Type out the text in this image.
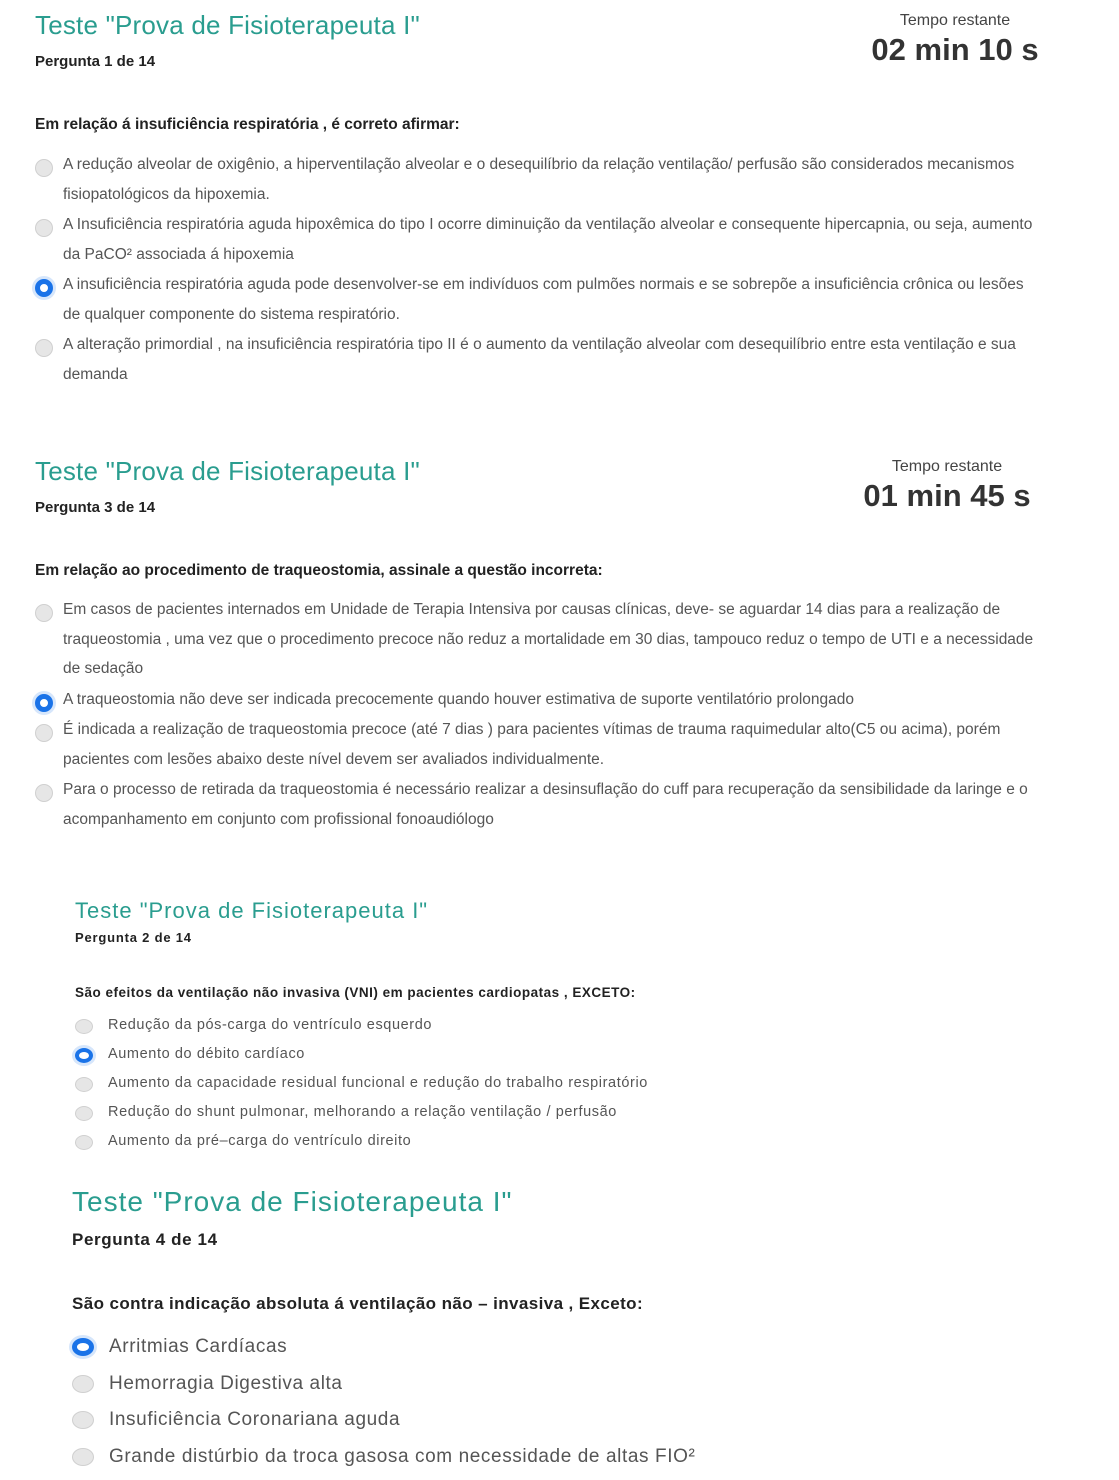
Teste "Prova de Fisioterapeuta I"
Pergunta 1 de 14
Tempo restante
02 min 10 s
Em relação á insuficiência respiratória , é correto afirmar:
A redução alveolar de oxigênio, a hiperventilação alveolar e o desequilíbrio da relação ventilação/ perfusão são considerados mecanismos fisiopatológicos da hipoxemia.
A Insuficiência respiratória aguda hipoxêmica do tipo I ocorre diminuição da ventilação alveolar e consequente hipercapnia, ou seja, aumento da PaCO² associada á hipoxemia
A insuficiência respiratória aguda pode desenvolver-se em indivíduos com pulmões normais e se sobrepõe a insuficiência crônica ou lesões de qualquer componente do sistema respiratório.
A alteração primordial , na insuficiência respiratória tipo II é o aumento da ventilação alveolar com desequilíbrio entre esta ventilação e sua demanda
Teste "Prova de Fisioterapeuta I"
Pergunta 3 de 14
Tempo restante
01 min 45 s
Em relação ao procedimento de traqueostomia, assinale a questão incorreta:
Em casos de pacientes internados em Unidade de Terapia Intensiva por causas clínicas, deve- se aguardar 14 dias para a realização de traqueostomia , uma vez que o procedimento precoce não reduz a mortalidade em 30 dias, tampouco reduz o tempo de UTI e a necessidade de sedação
A traqueostomia não deve ser indicada precocemente quando houver estimativa de suporte ventilatório prolongado
É indicada a realização de traqueostomia precoce (até 7 dias ) para pacientes vítimas de trauma raquimedular alto(C5 ou acima), porém pacientes com lesões abaixo deste nível devem ser avaliados individualmente.
Para o processo de retirada da traqueostomia é necessário realizar a desinsuflação do cuff para recuperação da sensibilidade da laringe e o acompanhamento em conjunto com profissional fonoaudiólogo
Teste "Prova de Fisioterapeuta I"
Pergunta 2 de 14
São efeitos da ventilação não invasiva (VNI) em pacientes cardiopatas , EXCETO:
Redução da pós-carga do ventrículo esquerdo
Aumento do débito cardíaco
Aumento da capacidade residual funcional e redução do trabalho respiratório
Redução do shunt pulmonar, melhorando a relação ventilação / perfusão
Aumento da pré–carga do ventrículo direito
Teste "Prova de Fisioterapeuta I"
Pergunta 4 de 14
São contra indicação absoluta á ventilação não – invasiva , Exceto:
Arritmias Cardíacas
Hemorragia Digestiva alta
Insuficiência Coronariana aguda
Grande distúrbio da troca gasosa com necessidade de altas FIO²
